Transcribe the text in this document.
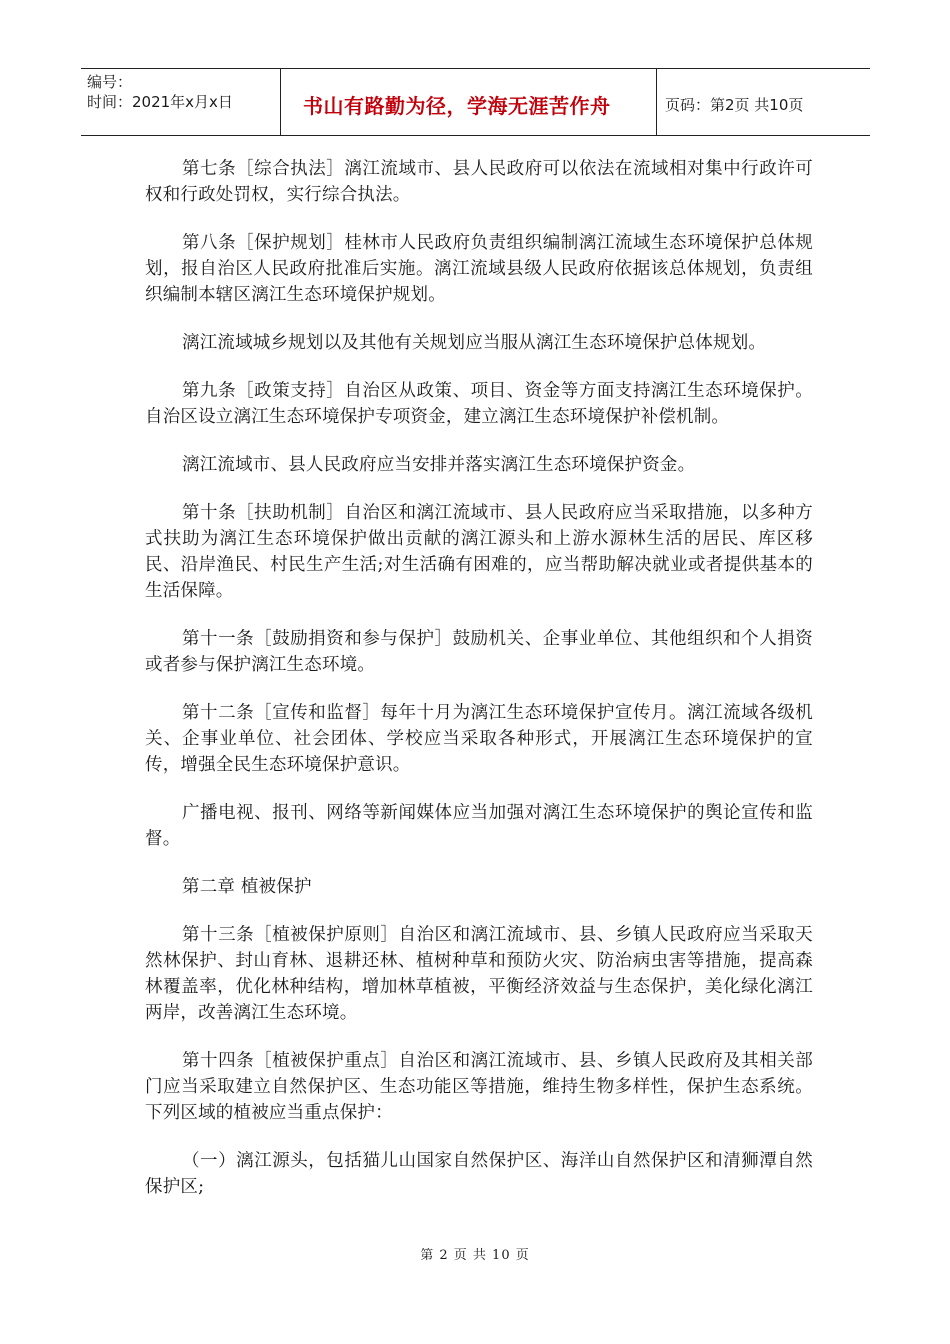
编号：
时间：2021年x月x日	书山有路勤为径，学海无涯苦作舟	页码：第2页 共10页

第七条［综合执法］漓江流域市、县人民政府可以依法在流域相对集中行政许可权和行政处罚权，实行综合执法。

第八条［保护规划］桂林市人民政府负责组织编制漓江流域生态环境保护总体规划，报自治区人民政府批准后实施。漓江流域县级人民政府依据该总体规划，负责组织编制本辖区漓江生态环境保护规划。

漓江流域城乡规划以及其他有关规划应当服从漓江生态环境保护总体规划。

第九条［政策支持］自治区从政策、项目、资金等方面支持漓江生态环境保护。自治区设立漓江生态环境保护专项资金，建立漓江生态环境保护补偿机制。

漓江流域市、县人民政府应当安排并落实漓江生态环境保护资金。

第十条［扶助机制］自治区和漓江流域市、县人民政府应当采取措施，以多种方式扶助为漓江生态环境保护做出贡献的漓江源头和上游水源林生活的居民、库区移民、沿岸渔民、村民生产生活;对生活确有困难的，应当帮助解决就业或者提供基本的生活保障。

第十一条［鼓励捐资和参与保护］鼓励机关、企事业单位、其他组织和个人捐资或者参与保护漓江生态环境。

第十二条［宣传和监督］每年十月为漓江生态环境保护宣传月。漓江流域各级机关、企事业单位、社会团体、学校应当采取各种形式，开展漓江生态环境保护的宣传，增强全民生态环境保护意识。

广播电视、报刊、网络等新闻媒体应当加强对漓江生态环境保护的舆论宣传和监督。

第二章 植被保护

第十三条［植被保护原则］自治区和漓江流域市、县、乡镇人民政府应当采取天然林保护、封山育林、退耕还林、植树种草和预防火灾、防治病虫害等措施，提高森林覆盖率，优化林种结构，增加林草植被，平衡经济效益与生态保护，美化绿化漓江两岸，改善漓江生态环境。

第十四条［植被保护重点］自治区和漓江流域市、县、乡镇人民政府及其相关部门应当采取建立自然保护区、生态功能区等措施，维持生物多样性，保护生态系统。下列区域的植被应当重点保护：

（一）漓江源头，包括猫儿山国家自然保护区、海洋山自然保护区和清狮潭自然保护区;

第 2 页 共 10 页
